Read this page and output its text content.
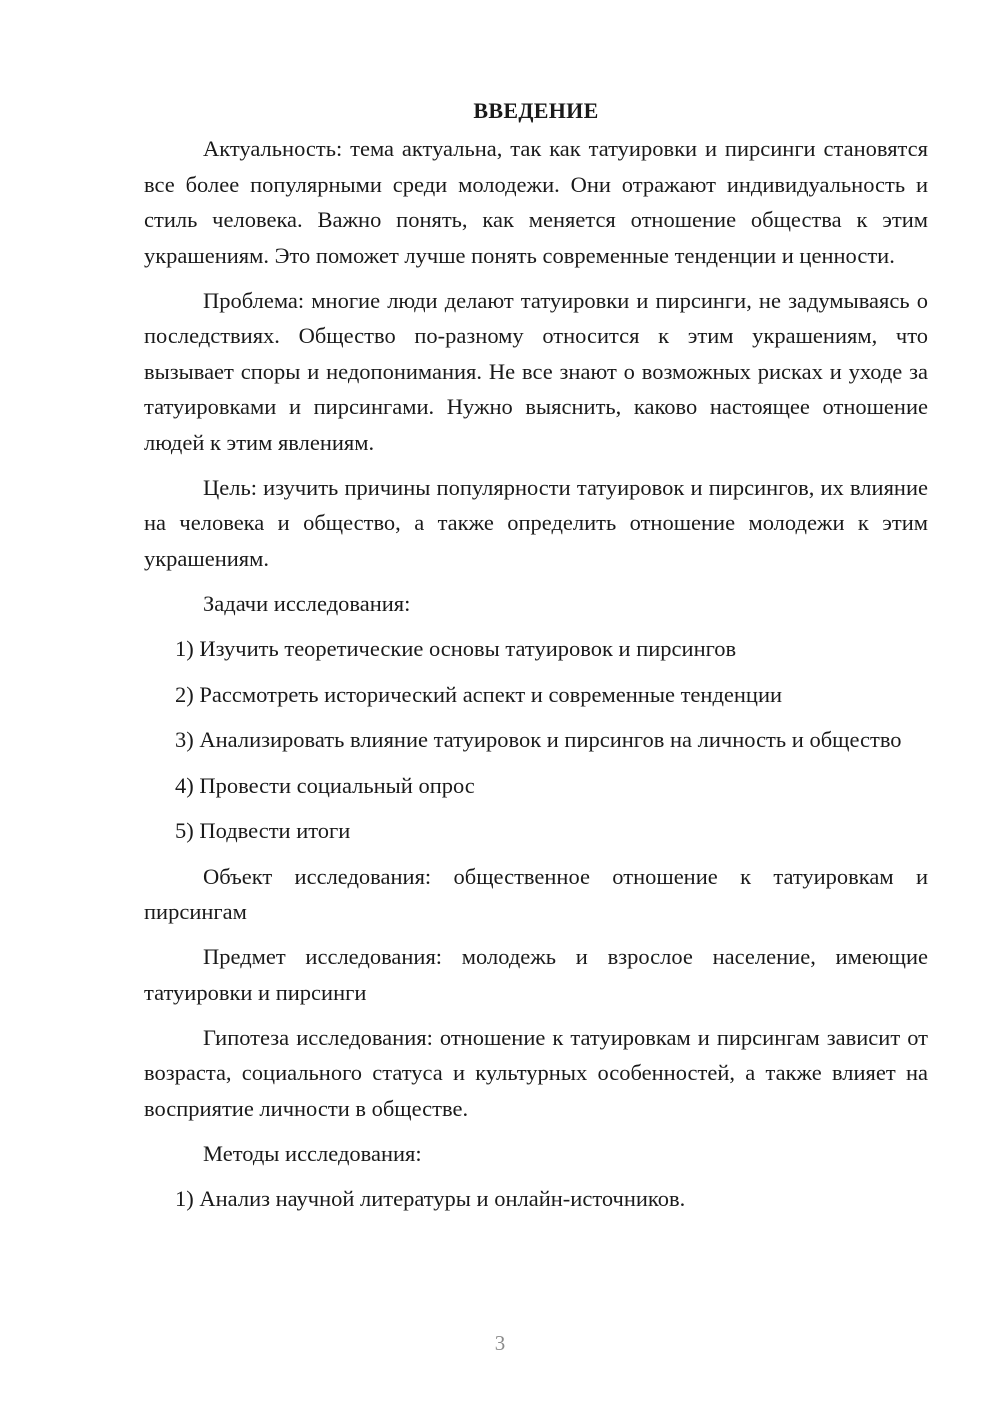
ВВЕДЕНИЕ

Актуальность: тема актуальна, так как татуировки и пирсинги становятся все более популярными среди молодежи. Они отражают индивидуальность и стиль человека. Важно понять, как меняется отношение общества к этим украшениям. Это поможет лучше понять современные тенденции и ценности.

Проблема: многие люди делают татуировки и пирсинги, не задумываясь о последствиях. Общество по-разному относится к этим украшениям, что вызывает споры и недопонимания. Не все знают о возможных рисках и уходе за татуировками и пирсингами. Нужно выяснить, каково настоящее отношение людей к этим явлениям.

Цель: изучить причины популярности татуировок и пирсингов, их влияние на человека и общество, а также определить отношение молодежи к этим украшениям.

Задачи исследования:

1) Изучить теоретические основы татуировок и пирсингов

2) Рассмотреть исторический аспект и современные тенденции

3) Анализировать влияние татуировок и пирсингов на личность и общество

4) Провести социальный опрос

5) Подвести итоги

Объект исследования: общественное отношение к татуировкам и пирсингам

Предмет исследования: молодежь и взрослое население, имеющие татуировки и пирсинги

Гипотеза исследования: отношение к татуировкам и пирсингам зависит от возраста, социального статуса и культурных особенностей, а также влияет на восприятие личности в обществе.

Методы исследования:

1) Анализ научной литературы и онлайн-источников.

3
